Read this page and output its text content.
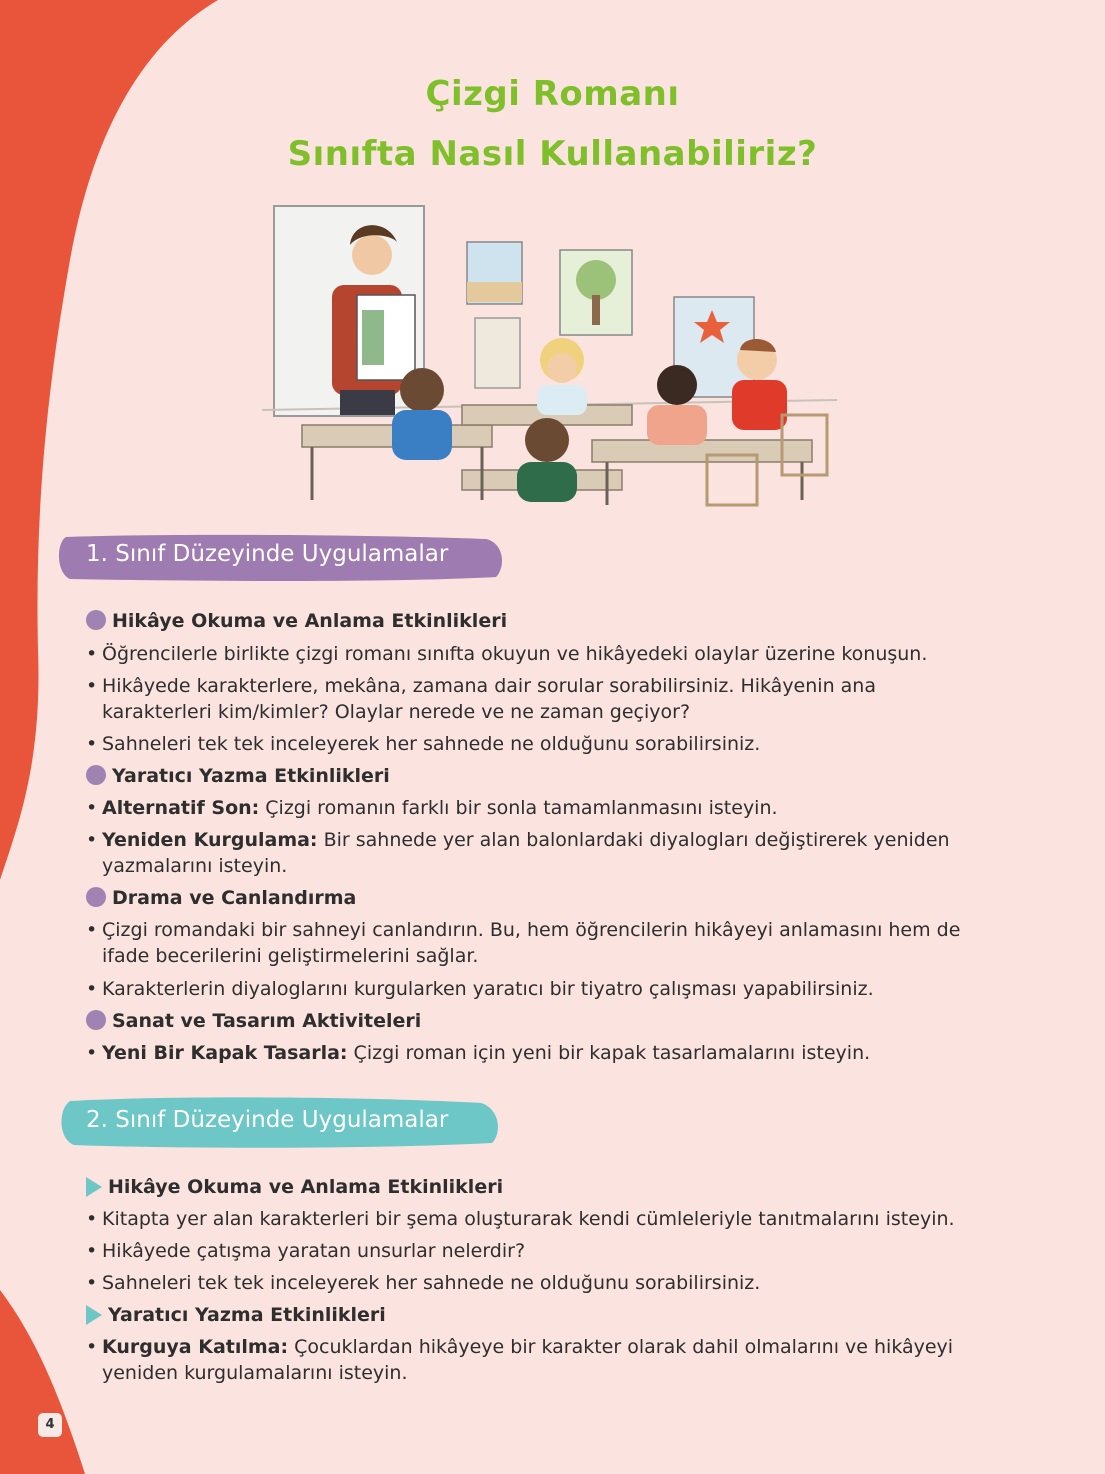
Çizgi Romanı
Sınıfta Nasıl Kullanabiliriz?
1. Sınıf Düzeyinde Uygulamalar
Hikâye Okuma ve Anlama Etkinlikleri
• Öğrencilerle birlikte çizgi romanı sınıfta okuyun ve hikâyedeki olaylar üzerine konuşun.
• Hikâyede karakterlere, mekâna, zamana dair sorular sorabilirsiniz. Hikâyenin ana
karakterleri kim/kimler? Olaylar nerede ve ne zaman geçiyor?
• Sahneleri tek tek inceleyerek her sahnede ne olduğunu sorabilirsiniz.
Yaratıcı Yazma Etkinlikleri
• Alternatif Son: Çizgi romanın farklı bir sonla tamamlanmasını isteyin.
• Yeniden Kurgulama: Bir sahnede yer alan balonlardaki diyalogları değiştirerek yeniden
yazmalarını isteyin.
Drama ve Canlandırma
• Çizgi romandaki bir sahneyi canlandırın. Bu, hem öğrencilerin hikâyeyi anlamasını hem de
ifade becerilerini geliştirmelerini sağlar.
• Karakterlerin diyaloglarını kurgularken yaratıcı bir tiyatro çalışması yapabilirsiniz.
Sanat ve Tasarım Aktiviteleri
• Yeni Bir Kapak Tasarla: Çizgi roman için yeni bir kapak tasarlamalarını isteyin.
2. Sınıf Düzeyinde Uygulamalar
Hikâye Okuma ve Anlama Etkinlikleri
• Kitapta yer alan karakterleri bir şema oluşturarak kendi cümleleriyle tanıtmalarını isteyin.
• Hikâyede çatışma yaratan unsurlar nelerdir?
• Sahneleri tek tek inceleyerek her sahnede ne olduğunu sorabilirsiniz.
Yaratıcı Yazma Etkinlikleri
• Kurguya Katılma: Çocuklardan hikâyeye bir karakter olarak dahil olmalarını ve hikâyeyi
yeniden kurgulamalarını isteyin.
4
